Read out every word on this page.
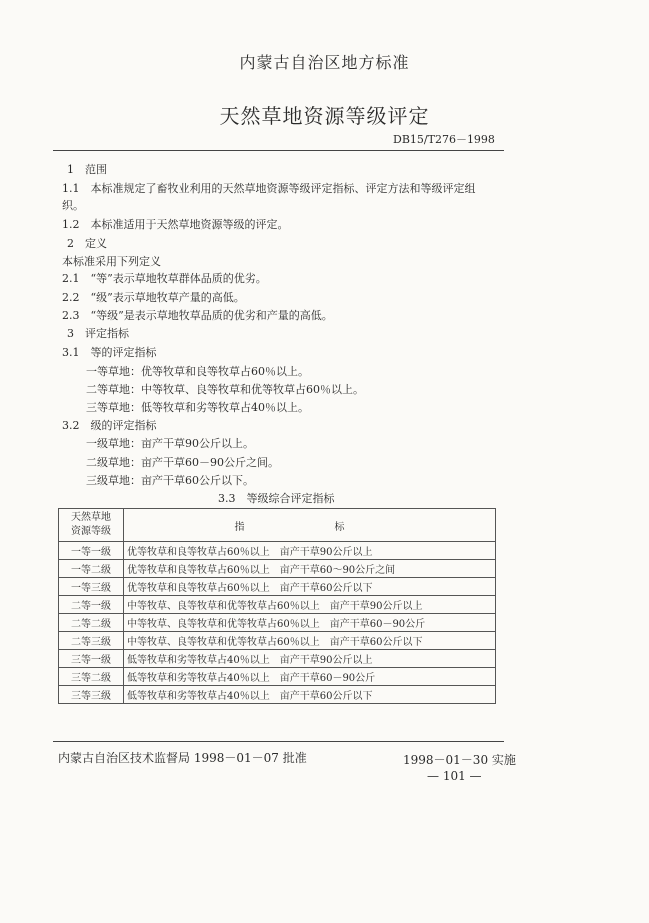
内蒙古自治区地方标准
天然草地资源等级评定
DB15/T276－1998
1　范围
1.1　本标准规定了畜牧业利用的天然草地资源等级评定指标、评定方法和等级评定组
织。
1.2　本标准适用于天然草地资源等级的评定。
2　定义
本标准采用下列定义
2.1　“等”表示草地牧草群体品质的优劣。
2.2　“级”表示草地牧草产量的高低。
2.3　“等级”是表示草地牧草品质的优劣和产量的高低。
3　评定指标
3.1　等的评定指标
一等草地：优等牧草和良等牧草占60％以上。
二等草地：中等牧草、良等牧草和优等牧草占60％以上。
三等草地：低等牧草和劣等牧草占40％以上。
3.2　级的评定指标
一级草地：亩产干草90公斤以上。
二级草地：亩产干草60－90公斤之间。
三级草地：亩产干草60公斤以下。
3.3　等级综合评定指标
天然草地
资源等级	指　标
一等一级	优等牧草和良等牧草占60％以上　亩产干草90公斤以上
一等二级	优等牧草和良等牧草占60％以上　亩产干草60～90公斤之间
一等三级	优等牧草和良等牧草占60％以上　亩产干草60公斤以下
二等一级	中等牧草、良等牧草和优等牧草占60％以上　亩产干草90公斤以上
二等二级	中等牧草、良等牧草和优等牧草占60％以上　亩产干草60－90公斤
二等三级	中等牧草、良等牧草和优等牧草占60％以上　亩产干草60公斤以下
三等一级	低等牧草和劣等牧草占40％以上　亩产干草90公斤以上
三等二级	低等牧草和劣等牧草占40％以上　亩产干草60－90公斤
三等三级	低等牧草和劣等牧草占40％以上　亩产干草60公斤以下
内蒙古自治区技术监督局 1998－01－07 批准	1998－01－30 实施
— 101 —
